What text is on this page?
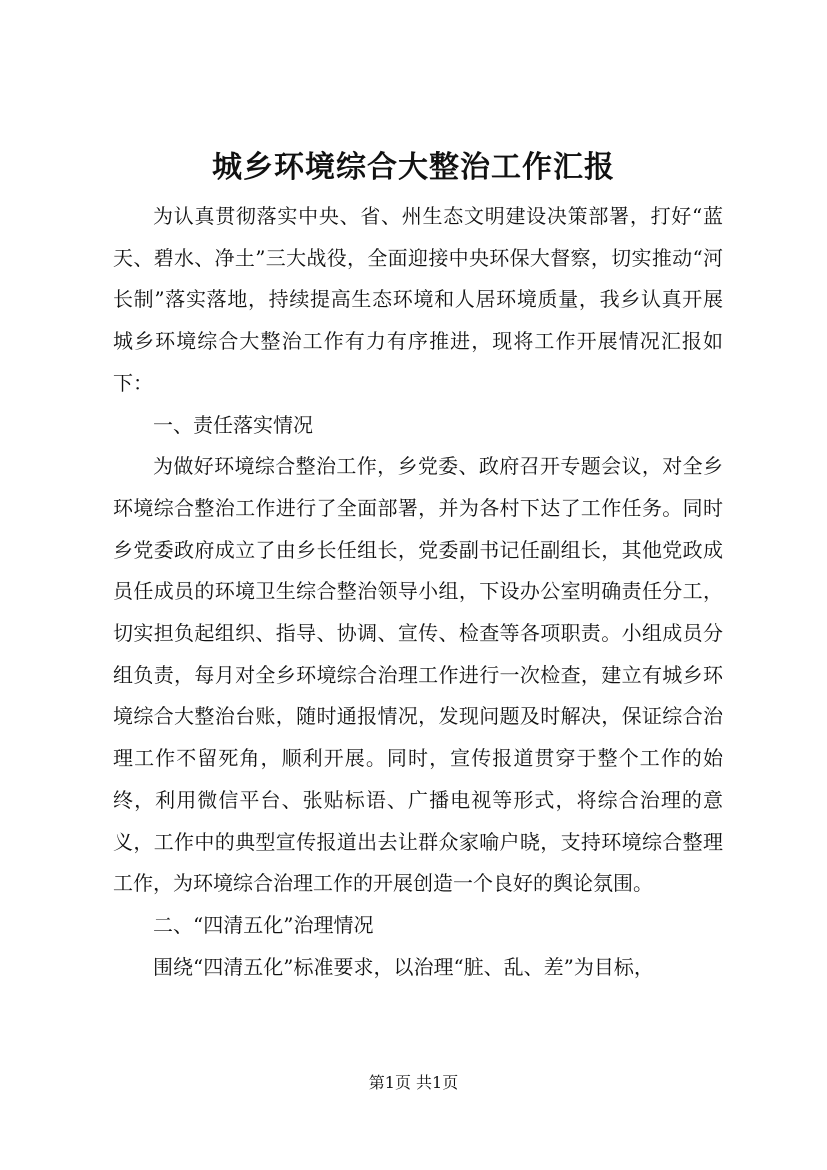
城乡环境综合大整治工作汇报

为认真贯彻落实中央、省、州生态文明建设决策部署，打好“蓝天、碧水、净土”三大战役，全面迎接中央环保大督察，切实推动“河长制”落实落地，持续提高生态环境和人居环境质量，我乡认真开展城乡环境综合大整治工作有力有序推进，现将工作开展情况汇报如下：

一、责任落实情况

为做好环境综合整治工作，乡党委、政府召开专题会议，对全乡环境综合整治工作进行了全面部署，并为各村下达了工作任务。同时乡党委政府成立了由乡长任组长，党委副书记任副组长，其他党政成员任成员的环境卫生综合整治领导小组，下设办公室明确责任分工，切实担负起组织、指导、协调、宣传、检查等各项职责。小组成员分组负责，每月对全乡环境综合治理工作进行一次检查，建立有城乡环境综合大整治台账，随时通报情况，发现问题及时解决，保证综合治理工作不留死角，顺利开展。同时，宣传报道贯穿于整个工作的始终，利用微信平台、张贴标语、广播电视等形式，将综合治理的意义，工作中的典型宣传报道出去让群众家喻户晓，支持环境综合整理工作，为环境综合治理工作的开展创造一个良好的舆论氛围。

二、“四清五化”治理情况

围绕“四清五化”标准要求，以治理“脏、乱、差”为目标，

第1页 共1页
